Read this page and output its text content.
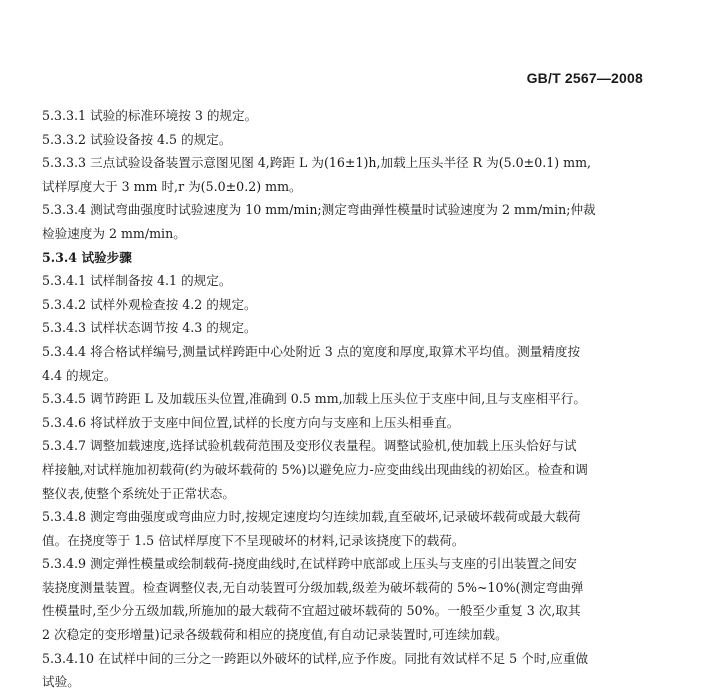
GB/T 2567—2008
5.3.3.1 试验的标准环境按 3 的规定。
5.3.3.2 试验设备按 4.5 的规定。
5.3.3.3 三点试验设备装置示意图见图 4,跨距 L 为(16±1)h,加载上压头半径 R 为(5.0±0.1) mm,
试样厚度大于 3 mm 时,r 为(5.0±0.2) mm。
5.3.3.4 测试弯曲强度时试验速度为 10 mm/min;测定弯曲弹性模量时试验速度为 2 mm/min;仲裁
检验速度为 2 mm/min。
5.3.4 试验步骤
5.3.4.1 试样制备按 4.1 的规定。
5.3.4.2 试样外观检查按 4.2 的规定。
5.3.4.3 试样状态调节按 4.3 的规定。
5.3.4.4 将合格试样编号,测量试样跨距中心处附近 3 点的宽度和厚度,取算术平均值。测量精度按
4.4 的规定。
5.3.4.5 调节跨距 L 及加载压头位置,准确到 0.5 mm,加载上压头位于支座中间,且与支座相平行。
5.3.4.6 将试样放于支座中间位置,试样的长度方向与支座和上压头相垂直。
5.3.4.7 调整加载速度,选择试验机载荷范围及变形仪表量程。调整试验机,使加载上压头恰好与试
样接触,对试样施加初载荷(约为破坏载荷的 5%)以避免应力-应变曲线出现曲线的初始区。检查和调
整仪表,使整个系统处于正常状态。
5.3.4.8 测定弯曲强度或弯曲应力时,按规定速度均匀连续加载,直至破坏,记录破坏载荷或最大载荷
值。在挠度等于 1.5 倍试样厚度下不呈现破坏的材料,记录该挠度下的载荷。
5.3.4.9 测定弹性模量或绘制载荷-挠度曲线时,在试样跨中底部或上压头与支座的引出装置之间安
装挠度测量装置。检查调整仪表,无自动装置可分级加载,级差为破坏载荷的 5%~10%(测定弯曲弹
性模量时,至少分五级加载,所施加的最大载荷不宜超过破坏载荷的 50%。一般至少重复 3 次,取其
2 次稳定的变形增量)记录各级载荷和相应的挠度值,有自动记录装置时,可连续加载。
5.3.4.10 在试样中间的三分之一跨距以外破坏的试样,应予作废。同批有效试样不足 5 个时,应重做
试验。
